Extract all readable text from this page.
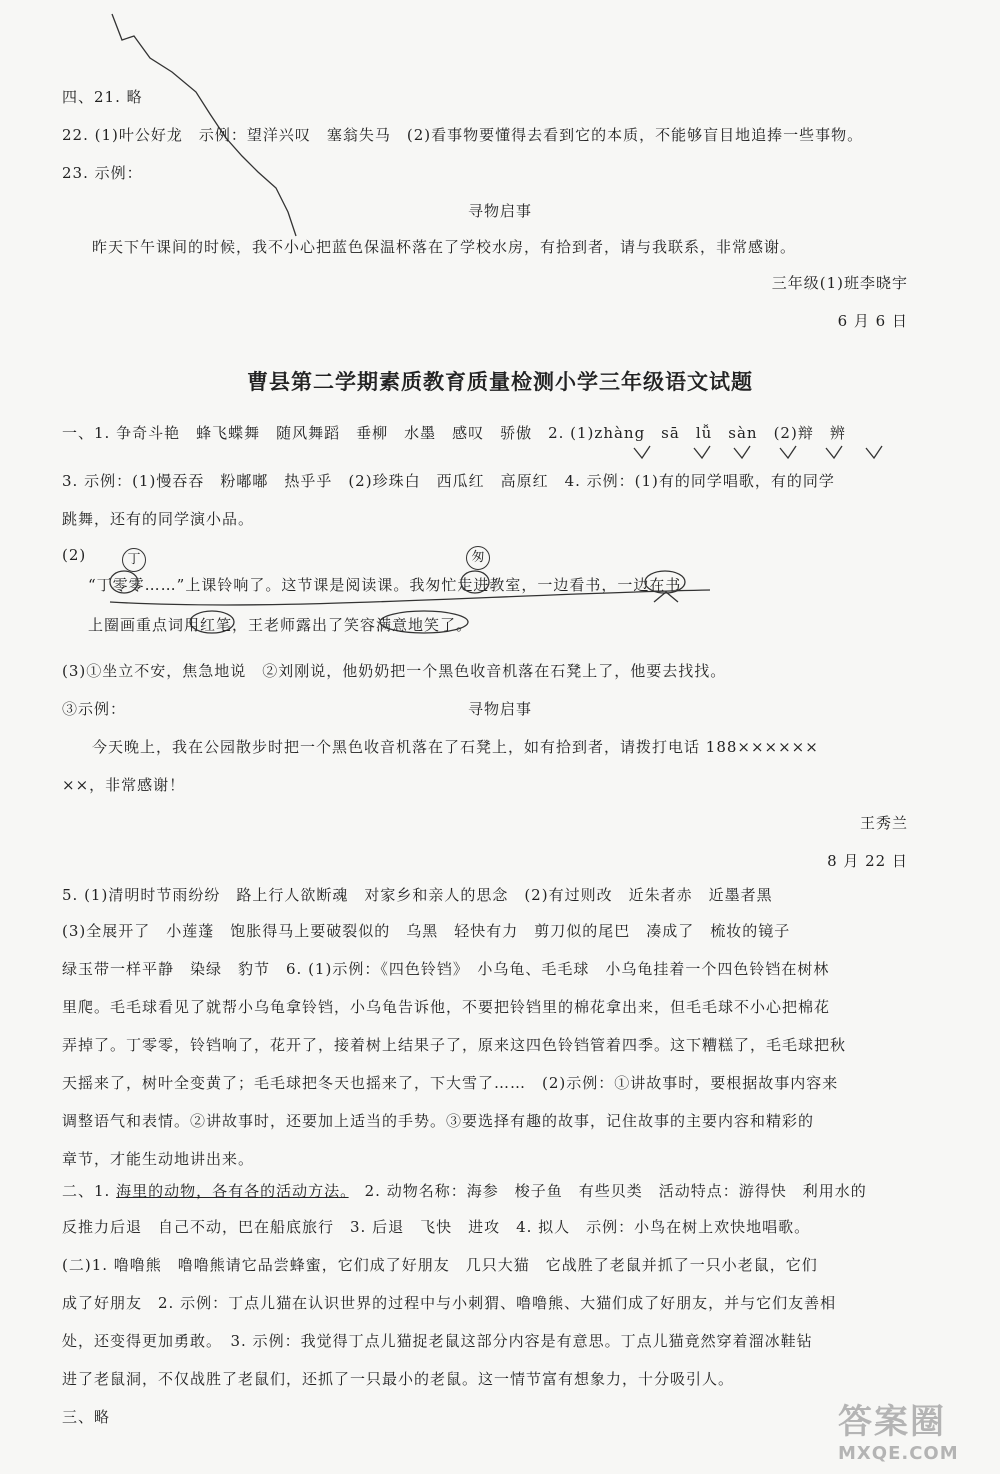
四、21. 略
22. (1)叶公好龙　示例：望洋兴叹　塞翁失马　(2)看事物要懂得去看到它的本质，不能够盲目地追捧一些事物。
23. 示例：
寻物启事
昨天下午课间的时候，我不小心把蓝色保温杯落在了学校水房，有拾到者，请与我联系，非常感谢。
三年级(1)班李晓宇
6 月 6 日
曹县第二学期素质教育质量检测小学三年级语文试题
一、1. 争奇斗艳　蜂飞蝶舞　随风舞蹈　垂柳　水墨　感叹　骄傲　2. (1)zhàng　sā　lǚ　sàn　(2)辩　辨
3. 示例：(1)慢吞吞　粉嘟嘟　热乎乎　(2)珍珠白　西瓜红　高原红　4. 示例：(1)有的同学唱歌，有的同学
跳舞，还有的同学演小品。
(2)	丁	匆
“丁零零……”上课铃响了。这节课是阅读课。我匆忙走进教室，一边看书，一边在书
上圈画重点词用红笔，王老师露出了笑容满意地笑了。
(3)①坐立不安，焦急地说　②刘刚说，他奶奶把一个黑色收音机落在石凳上了，他要去找找。
③示例：	寻物启事
今天晚上，我在公园散步时把一个黑色收音机落在了石凳上，如有拾到者，请拨打电话 188××××××
××，非常感谢！
王秀兰
8 月 22 日
5. (1)清明时节雨纷纷　路上行人欲断魂　对家乡和亲人的思念　(2)有过则改　近朱者赤　近墨者黑
(3)全展开了　小莲蓬　饱胀得马上要破裂似的　乌黑　轻快有力　剪刀似的尾巴　凑成了　梳妆的镜子
绿玉带一样平静　染绿　豹节　6. (1)示例：《四色铃铛》　小乌龟、毛毛球　小乌龟挂着一个四色铃铛在树林
里爬。毛毛球看见了就帮小乌龟拿铃铛，小乌龟告诉他，不要把铃铛里的棉花拿出来，但毛毛球不小心把棉花
弄掉了。丁零零，铃铛响了，花开了，接着树上结果子了，原来这四色铃铛管着四季。这下糟糕了，毛毛球把秋
天摇来了，树叶全变黄了；毛毛球把冬天也摇来了，下大雪了……　(2)示例：①讲故事时，要根据故事内容来
调整语气和表情。②讲故事时，还要加上适当的手势。③要选择有趣的故事，记住故事的主要内容和精彩的
章节，才能生动地讲出来。
二、1. 海里的动物，各有各的活动方法。　2. 动物名称：海参　梭子鱼　有些贝类　活动特点：游得快　利用水的
反推力后退　自己不动，巴在船底旅行　3. 后退　飞快　进攻　4. 拟人　示例：小鸟在树上欢快地唱歌。
(二)1. 噜噜熊　噜噜熊请它品尝蜂蜜，它们成了好朋友　几只大猫　它战胜了老鼠并抓了一只小老鼠，它们
成了好朋友　2. 示例：丁点儿猫在认识世界的过程中与小刺猬、噜噜熊、大猫们成了好朋友，并与它们友善相
处，还变得更加勇敢。　3. 示例：我觉得丁点儿猫捉老鼠这部分内容是有意思。丁点儿猫竟然穿着溜冰鞋钻
进了老鼠洞，不仅战胜了老鼠们，还抓了一只最小的老鼠。这一情节富有想象力，十分吸引人。
三、略	答案圈
MXQE.COM
